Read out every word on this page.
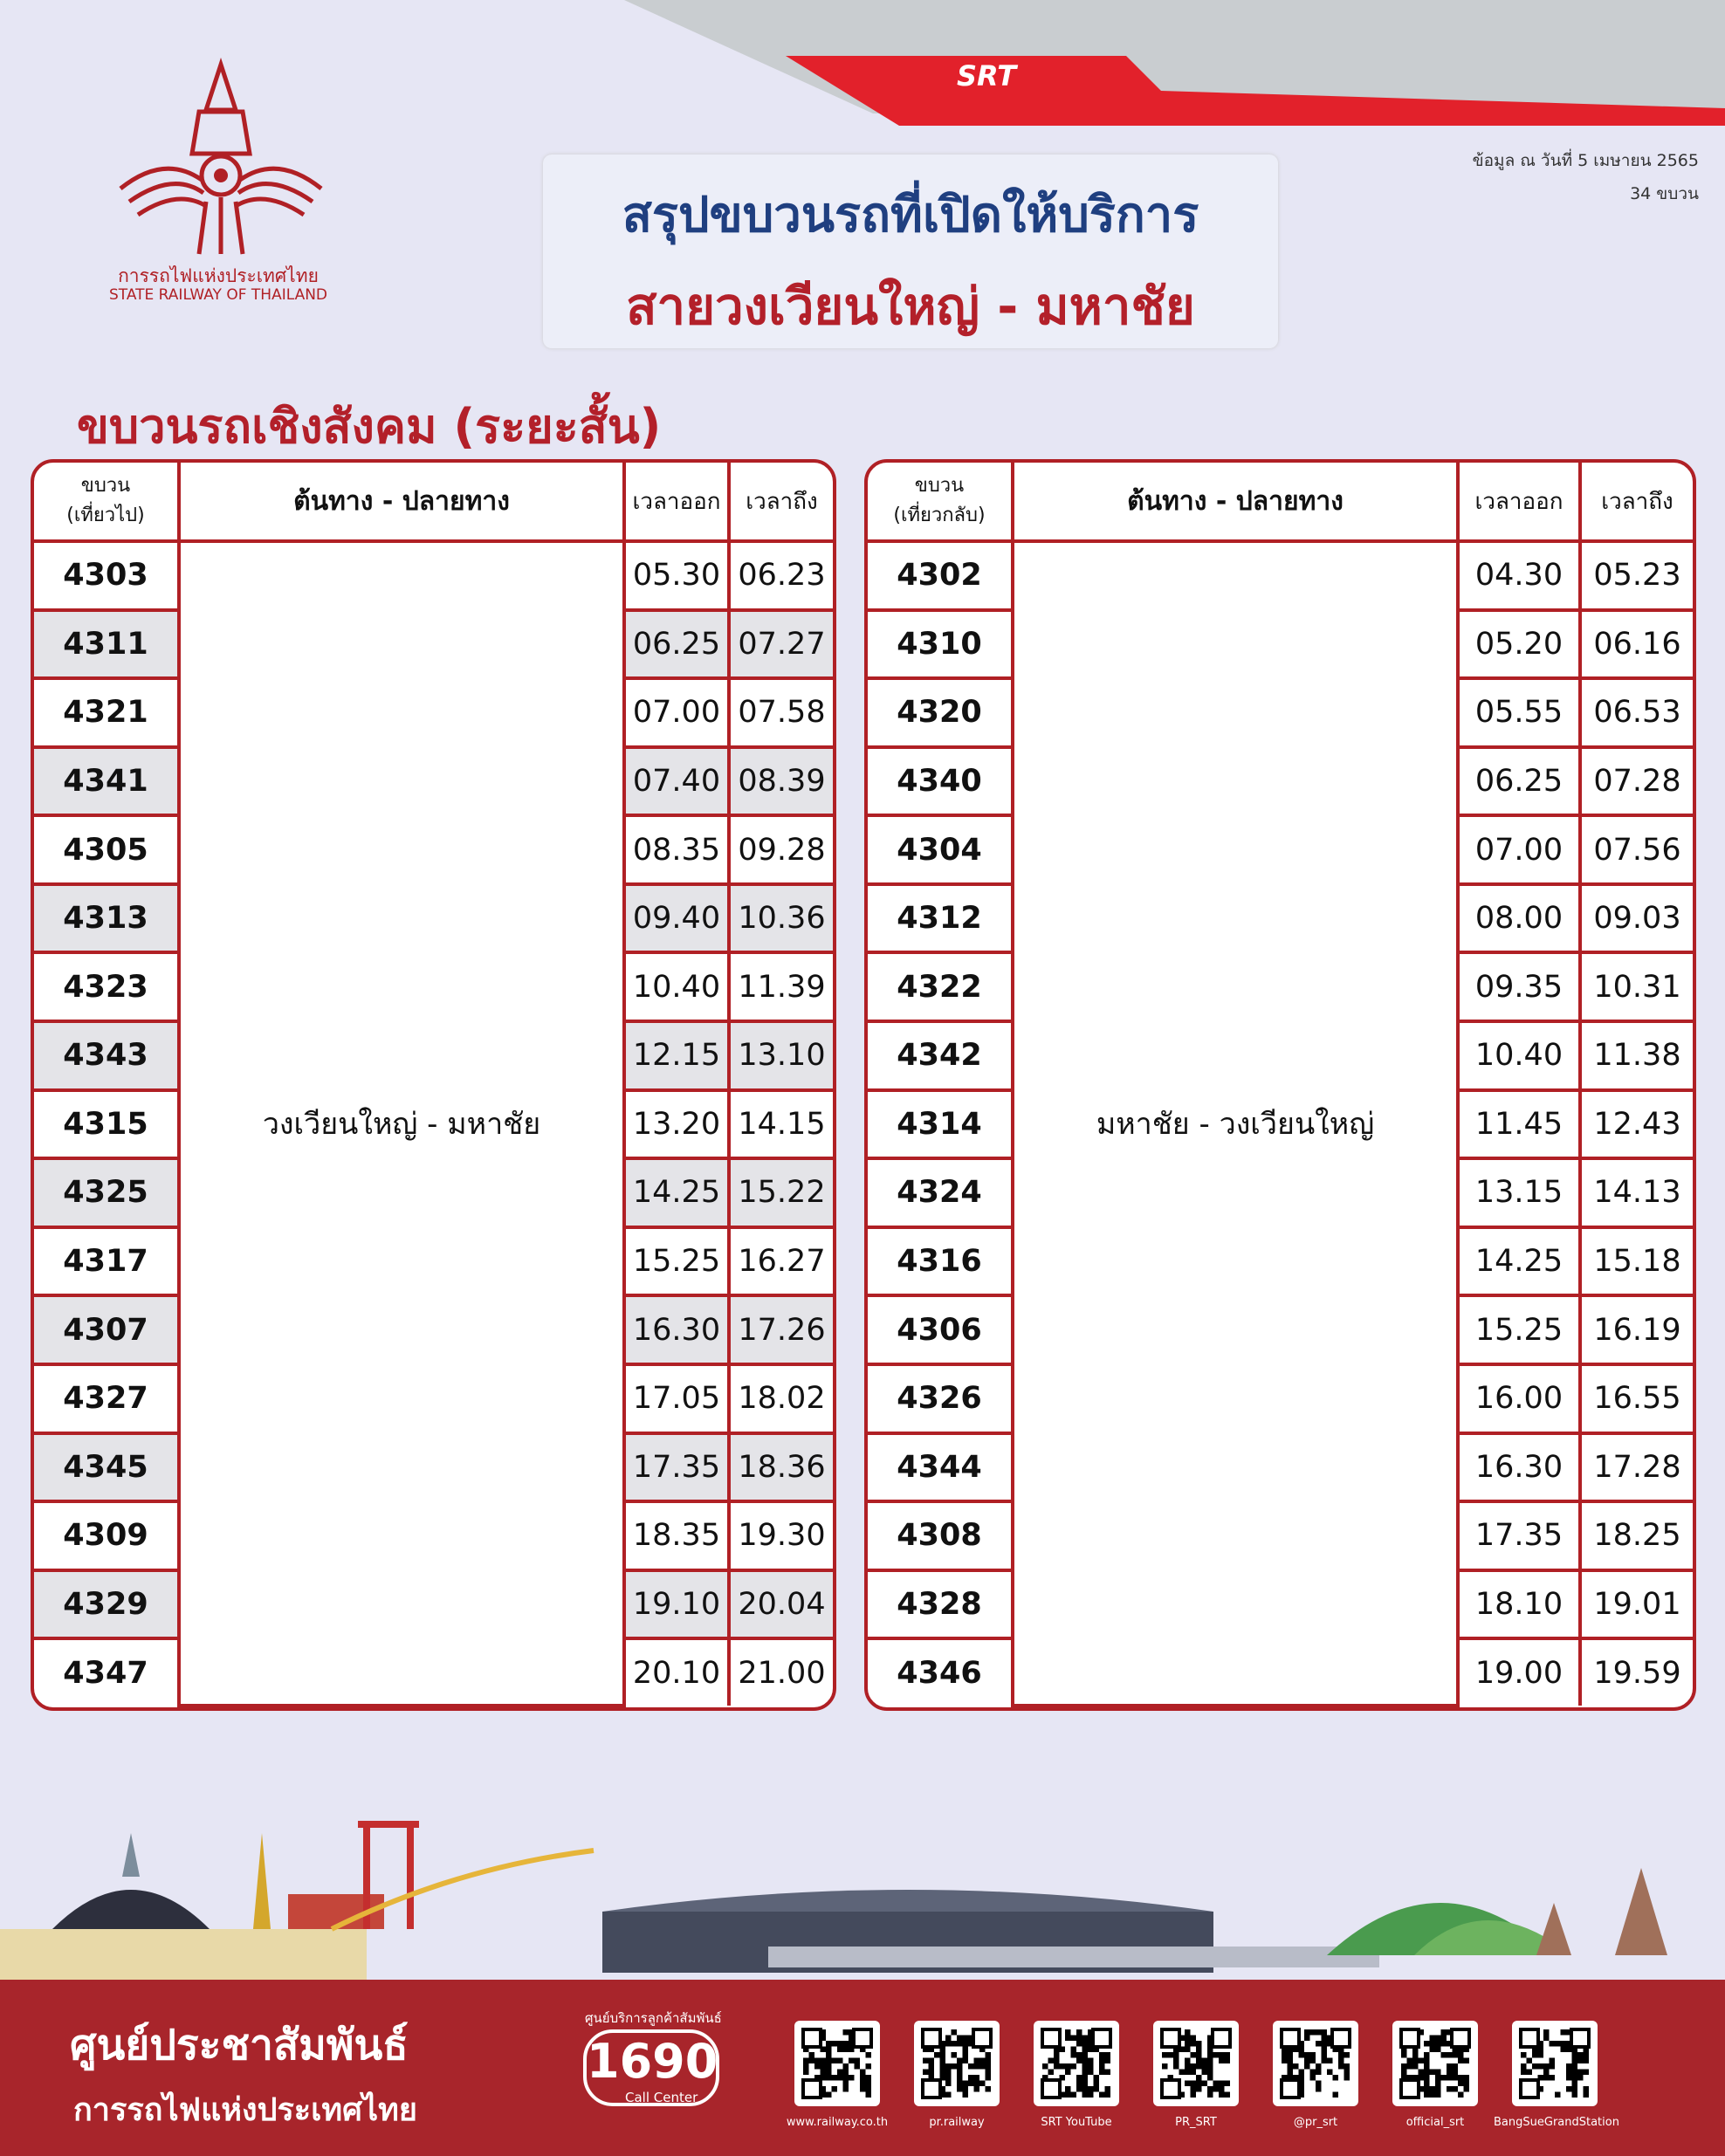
SRT
การรถไฟแห่งประเทศไทย
STATE RAILWAY OF THAILAND
ข้อมูล ณ วันที่ 5 เมษายน 2565
34 ขบวน
สรุปขบวนรถที่เปิดให้บริการ
สายวงเวียนใหญ่ - มหาชัย
ขบวนรถเชิงสังคม (ระยะสั้น)
ขบวน
(เที่ยวไป)	ต้นทาง - ปลายทาง	เวลาออก	เวลาถึง
4303	วงเวียนใหญ่ - มหาชัย	05.30	06.23
4311		06.25	07.27
4321		07.00	07.58
4341		07.40	08.39
4305		08.35	09.28
4313		09.40	10.36
4323		10.40	11.39
4343		12.15	13.10
4315		13.20	14.15
4325		14.25	15.22
4317		15.25	16.27
4307		16.30	17.26
4327		17.05	18.02
4345		17.35	18.36
4309		18.35	19.30
4329		19.10	20.04
4347		20.10	21.00
ขบวน
(เที่ยวกลับ)	ต้นทาง - ปลายทาง	เวลาออก	เวลาถึง
4302	มหาชัย - วงเวียนใหญ่	04.30	05.23
4310		05.20	06.16
4320		05.55	06.53
4340		06.25	07.28
4304		07.00	07.56
4312		08.00	09.03
4322		09.35	10.31
4342		10.40	11.38
4314		11.45	12.43
4324		13.15	14.13
4316		14.25	15.18
4306		15.25	16.19
4326		16.00	16.55
4344		16.30	17.28
4308		17.35	18.25
4328		18.10	19.01
4346		19.00	19.59
ศูนย์ประชาสัมพันธ์
การรถไฟแห่งประเทศไทย
ศูนย์บริการลูกค้าสัมพันธ์
1690
Call Center
www.railway.co.th	pr.railway	SRT YouTube	PR_SRT	@pr_srt	official_srt	BangSueGrandStation
